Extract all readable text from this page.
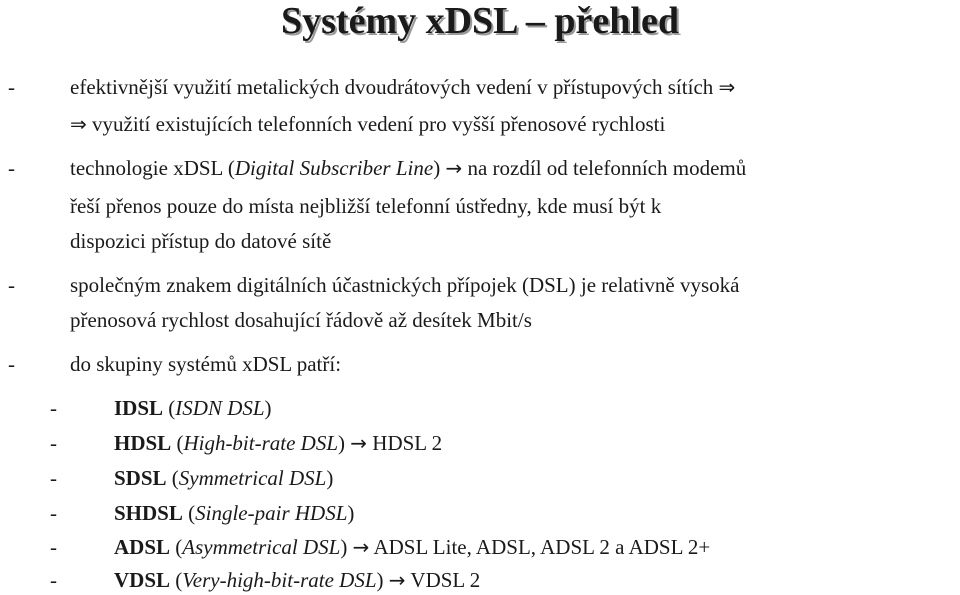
Systémy xDSL – přehled
-	efektivnější využití metalických dvoudrátových vedení v přístupových sítích ⇒
⇒ využití existujících telefonních vedení pro vyšší přenosové rychlosti
-	technologie xDSL (Digital Subscriber Line) → na rozdíl od telefonních modemů
řeší přenos pouze do místa nejbližší telefonní ústředny, kde musí být k
dispozici přístup do datové sítě
-	společným znakem digitálních účastnických přípojek (DSL) je relativně vysoká
přenosová rychlost dosahující řádově až desítek Mbit/s
-	do skupiny systémů xDSL patří:
-	IDSL (ISDN DSL)
-	HDSL (High-bit-rate DSL) → HDSL 2
-	SDSL (Symmetrical DSL)
-	SHDSL (Single-pair HDSL)
-	ADSL (Asymmetrical DSL) → ADSL Lite, ADSL, ADSL 2 a ADSL 2+
-	VDSL (Very-high-bit-rate DSL) → VDSL 2
